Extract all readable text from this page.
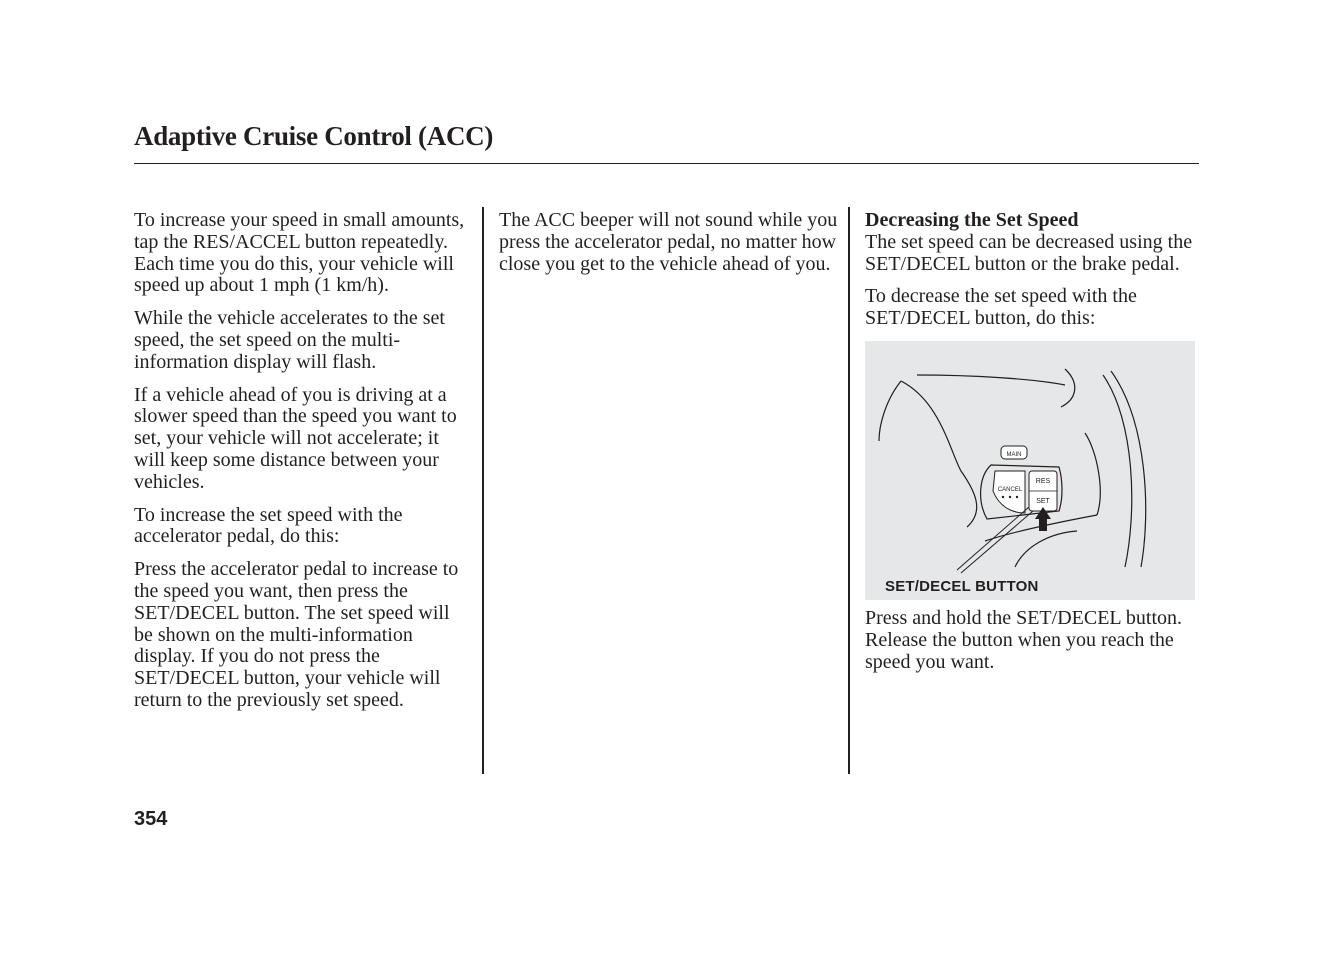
Adaptive Cruise Control (ACC)

To increase your speed in small amounts, tap the RES/ACCEL button repeatedly. Each time you do this, your vehicle will speed up about 1 mph (1 km/h).

While the vehicle accelerates to the set speed, the set speed on the multi-information display will flash.

If a vehicle ahead of you is driving at a slower speed than the speed you want to set, your vehicle will not accelerate; it will keep some distance between your vehicles.

To increase the set speed with the accelerator pedal, do this:

Press the accelerator pedal to increase to the speed you want, then press the SET/DECEL button. The set speed will be shown on the multi-information display. If you do not press the SET/DECEL button, your vehicle will return to the previously set speed.

The ACC beeper will not sound while you press the accelerator pedal, no matter how close you get to the vehicle ahead of you.

Decreasing the Set Speed
The set speed can be decreased using the SET/DECEL button or the brake pedal.

To decrease the set speed with the SET/DECEL button, do this:

MAIN
CANCEL
RES
SET
SET/DECEL BUTTON

Press and hold the SET/DECEL button. Release the button when you reach the speed you want.

354
